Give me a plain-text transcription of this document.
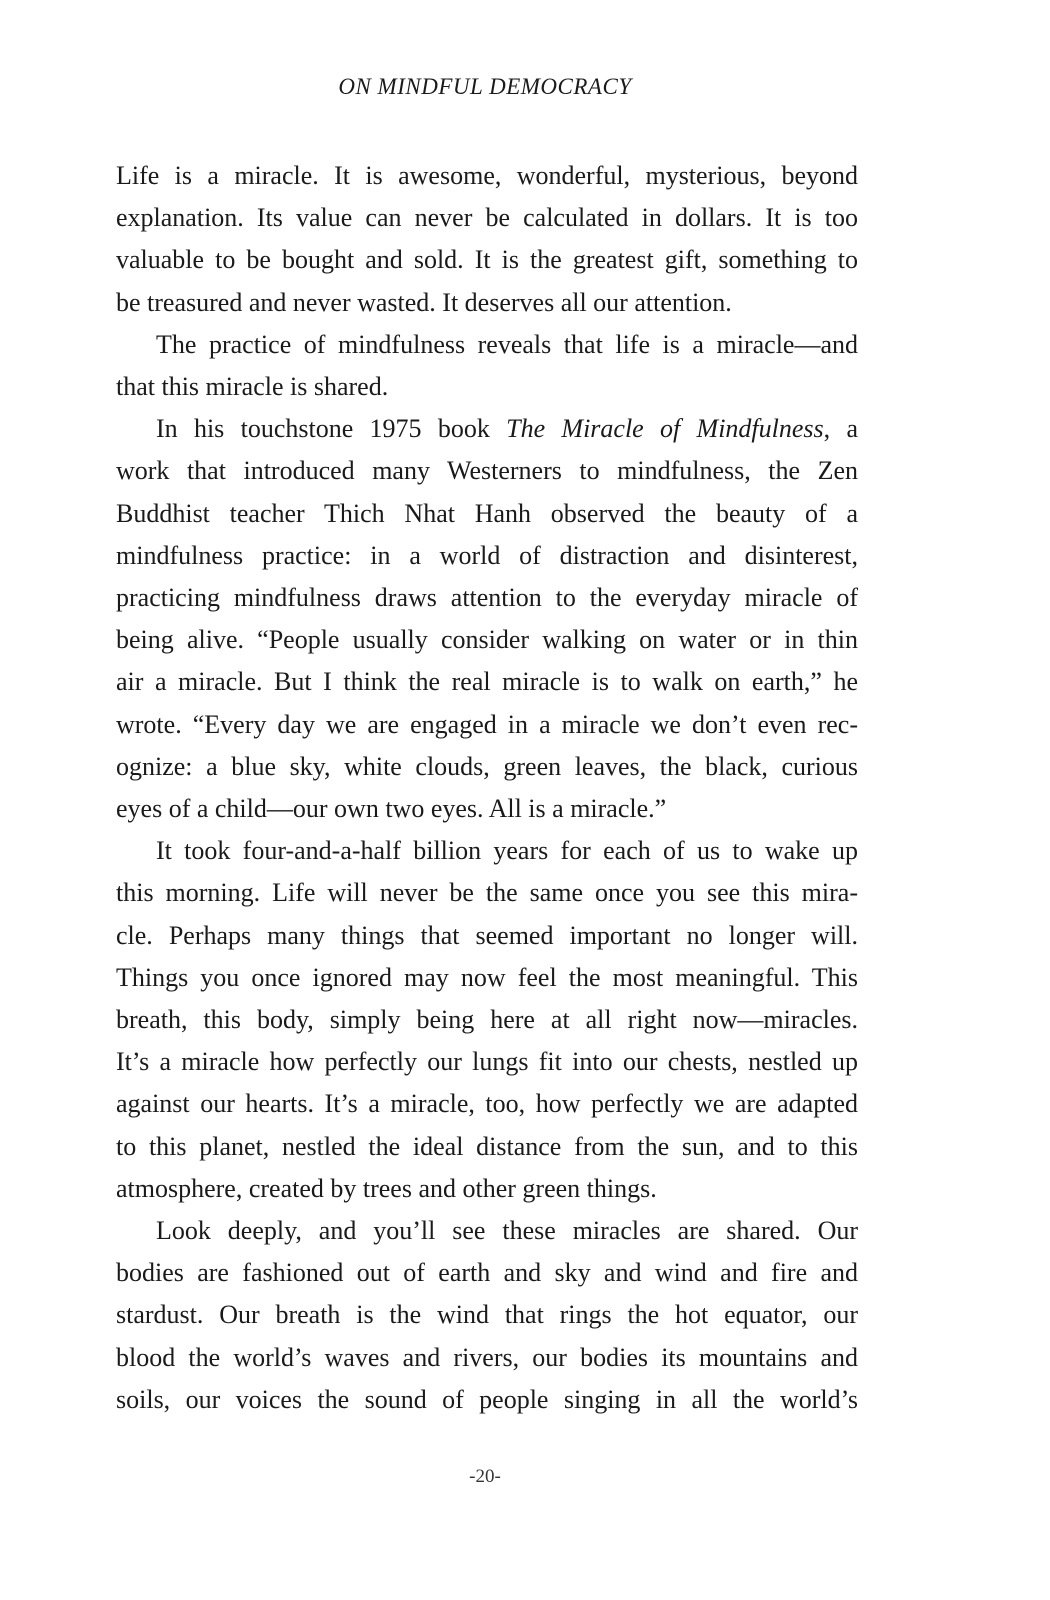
ON MINDFUL DEMOCRACY

Life is a miracle. It is awesome, wonderful, mysterious, beyond
explanation. Its value can never be calculated in dollars. It is too
valuable to be bought and sold. It is the greatest gift, something to
be treasured and never wasted. It deserves all our attention.

The practice of mindfulness reveals that life is a miracle—and
that this miracle is shared.

In his touchstone 1975 book The Miracle of Mindfulness, a
work that introduced many Westerners to mindfulness, the Zen
Buddhist teacher Thich Nhat Hanh observed the beauty of a
mindfulness practice: in a world of distraction and disinterest,
practicing mindfulness draws attention to the everyday miracle of
being alive. “People usually consider walking on water or in thin
air a miracle. But I think the real miracle is to walk on earth,” he
wrote. “Every day we are engaged in a miracle we don’t even rec-
ognize: a blue sky, white clouds, green leaves, the black, curious
eyes of a child—our own two eyes. All is a miracle.”

It took four-and-a-half billion years for each of us to wake up
this morning. Life will never be the same once you see this mira-
cle. Perhaps many things that seemed important no longer will.
Things you once ignored may now feel the most meaningful. This
breath, this body, simply being here at all right now—miracles.
It’s a miracle how perfectly our lungs fit into our chests, nestled up
against our hearts. It’s a miracle, too, how perfectly we are adapted
to this planet, nestled the ideal distance from the sun, and to this
atmosphere, created by trees and other green things.

Look deeply, and you’ll see these miracles are shared. Our
bodies are fashioned out of earth and sky and wind and fire and
stardust. Our breath is the wind that rings the hot equator, our
blood the world’s waves and rivers, our bodies its mountains and
soils, our voices the sound of people singing in all the world’s

-20-
